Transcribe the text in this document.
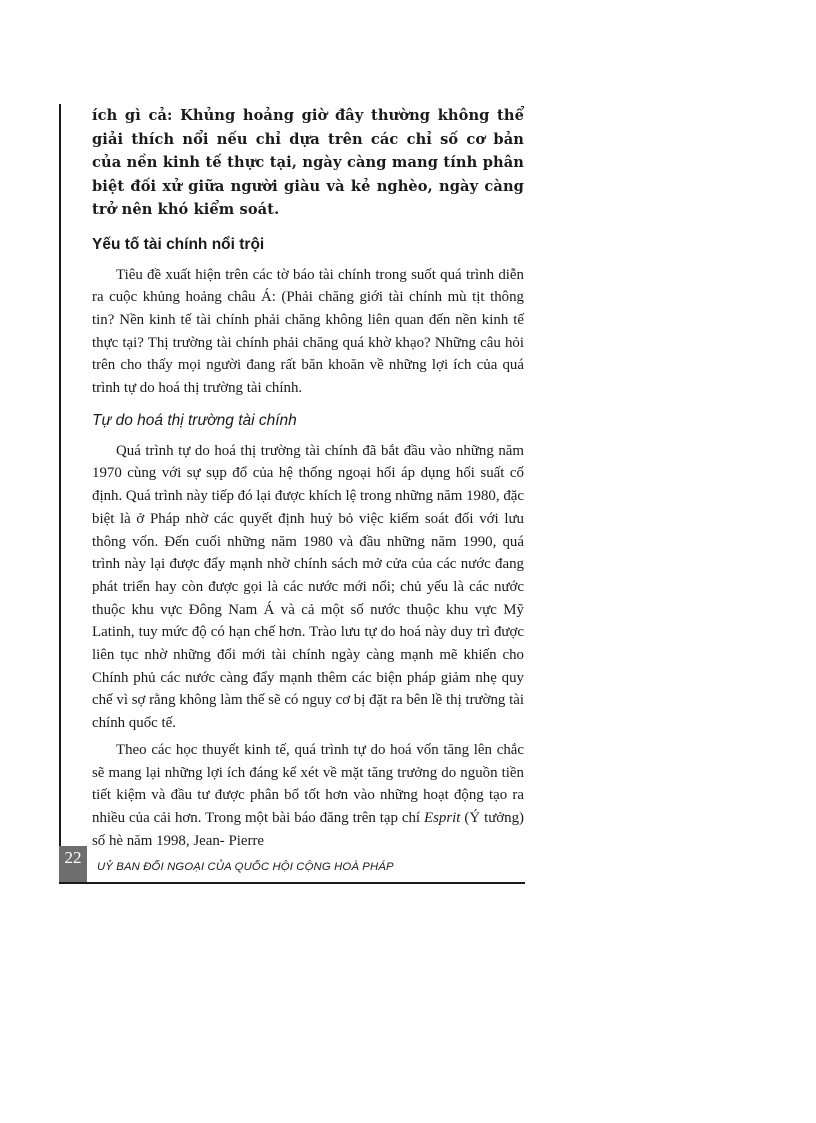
ích gì cả: Khủng hoảng giờ đây thường không thể giải thích nổi nếu chỉ dựa trên các chỉ số cơ bản của nền kinh tế thực tại, ngày càng mang tính phân biệt đối xử giữa người giàu và kẻ nghèo, ngày càng trở nên khó kiểm soát.

Yếu tố tài chính nổi trội

Tiêu đề xuất hiện trên các tờ báo tài chính trong suốt quá trình diễn ra cuộc khủng hoảng châu Á: (Phải chăng giới tài chính mù tịt thông tin? Nền kinh tế tài chính phải chăng không liên quan đến nền kinh tế thực tại? Thị trường tài chính phải chăng quá khờ khạo? Những câu hỏi trên cho thấy mọi người đang rất băn khoăn về những lợi ích của quá trình tự do hoá thị trường tài chính.

Tự do hoá thị trường tài chính

Quá trình tự do hoá thị trường tài chính đã bắt đầu vào những năm 1970 cùng với sự sụp đổ của hệ thống ngoại hối áp dụng hối suất cố định. Quá trình này tiếp đó lại được khích lệ trong những năm 1980, đặc biệt là ở Pháp nhờ các quyết định huỷ bỏ việc kiểm soát đối với lưu thông vốn. Đến cuối những năm 1980 và đầu những năm 1990, quá trình này lại được đẩy mạnh nhờ chính sách mở cửa của các nước đang phát triển hay còn được gọi là các nước mới nổi; chủ yếu là các nước thuộc khu vực Đông Nam Á và cả một số nước thuộc khu vực Mỹ Latinh, tuy mức độ có hạn chế hơn. Trào lưu tự do hoá này duy trì được liên tục nhờ những đổi mới tài chính ngày càng mạnh mẽ khiến cho Chính phủ các nước càng đẩy mạnh thêm các biện pháp giảm nhẹ quy chế vì sợ rằng không làm thế sẽ có nguy cơ bị đặt ra bên lề thị trường tài chính quốc tế.

Theo các học thuyết kinh tế, quá trình tự do hoá vốn tăng lên chắc sẽ mang lại những lợi ích đáng kể xét về mặt tăng trưởng do nguồn tiền tiết kiệm và đầu tư được phân bổ tốt hơn vào những hoạt động tạo ra nhiều của cải hơn. Trong một bài báo đăng trên tạp chí Esprit (Ý tưởng) số hè năm 1998, Jean- Pierre

22	UỶ BAN ĐỐI NGOẠI CỦA QUỐC HỘI CỘNG HOÀ PHÁP
